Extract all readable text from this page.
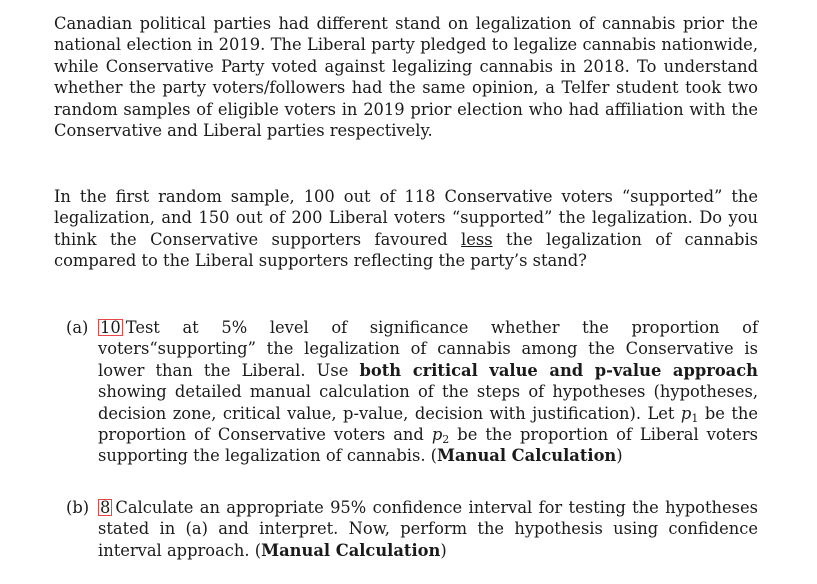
Canadian political parties had different stand on legalization of cannabis prior the national election in 2019. The Liberal party pledged to legalize cannabis nationwide, while Conservative Party voted against legalizing cannabis in 2018. To understand whether the party voters/followers had the same opinion, a Telfer student took two random samples of eligible voters in 2019 prior election who had affiliation with the Conservative and Liberal parties respectively.

In the first random sample, 100 out of 118 Conservative voters “supported” the legalization, and 150 out of 200 Liberal voters “supported” the legalization. Do you think the Conservative supporters favoured less the legalization of cannabis compared to the Liberal supporters reflecting the party’s stand?

(a) 10 Test at 5% level of significance whether the proportion of voters“supporting” the legalization of cannabis among the Conservative is lower than the Liberal. Use both critical value and p-value approach showing detailed manual calculation of the steps of hypotheses (hypotheses, decision zone, critical value, p-value, decision with justification). Let $p_1$ be the proportion of Conservative voters and $p_2$ be the proportion of Liberal voters supporting the legalization of cannabis. (Manual Calculation)
(b) 8 Calculate an appropriate 95% confidence interval for testing the hypotheses stated in (a) and interpret. Now, perform the hypothesis using confidence interval approach. (Manual Calculation)
